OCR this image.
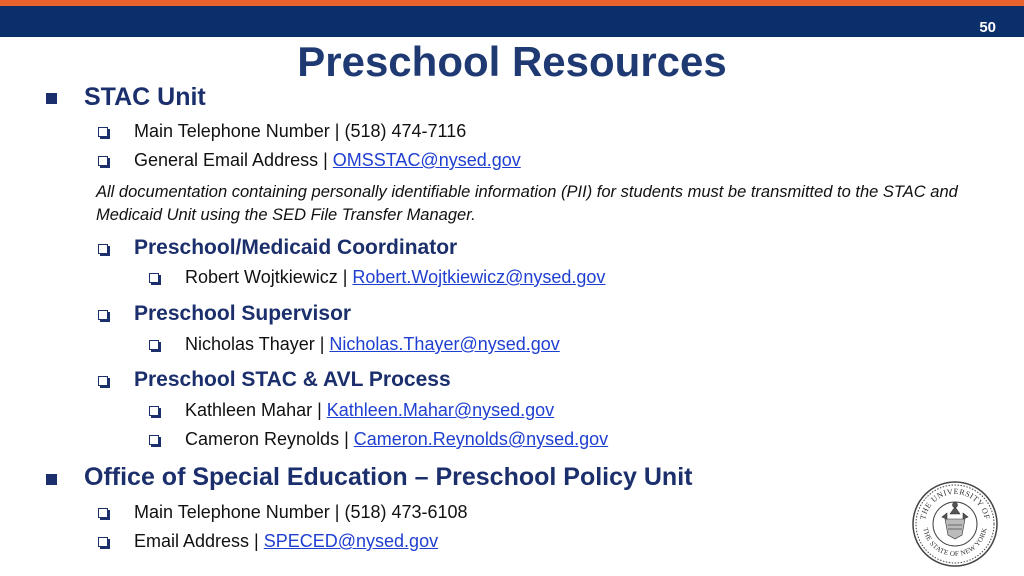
50
Preschool Resources
STAC Unit
Main Telephone Number | (518) 474-7116
General Email Address | OMSSTAC@nysed.gov
All documentation containing personally identifiable information (PII) for students must be transmitted to the STAC and Medicaid Unit using the SED File Transfer Manager.
Preschool/Medicaid Coordinator
Robert Wojtkiewicz | Robert.Wojtkiewicz@nysed.gov
Preschool Supervisor
Nicholas Thayer | Nicholas.Thayer@nysed.gov
Preschool STAC & AVL Process
Kathleen Mahar | Kathleen.Mahar@nysed.gov
Cameron Reynolds | Cameron.Reynolds@nysed.gov
Office of Special Education – Preschool Policy Unit
Main Telephone Number | (518) 473-6108
Email Address | SPECED@nysed.gov
THE UNIVERSITY OF
THE STATE OF NEW YORK
